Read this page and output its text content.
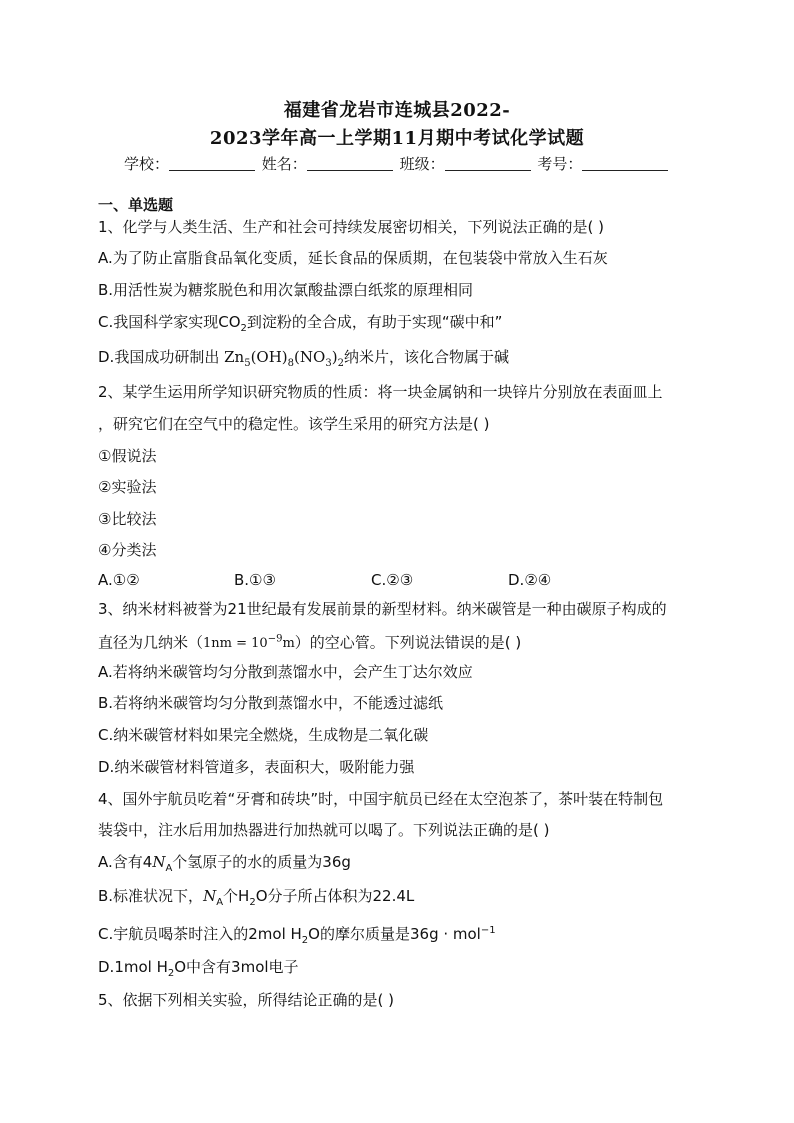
福建省龙岩市连城县2022-
2023学年高一上学期11月期中考试化学试题
学校：	姓名：	班级：	考号：
一、单选题
1、化学与人类生活、生产和社会可持续发展密切相关，下列说法正确的是( )
A.为了防止富脂食品氧化变质，延长食品的保质期，在包装袋中常放入生石灰
B.用活性炭为糖浆脱色和用次氯酸盐漂白纸浆的原理相同
C.我国科学家实现$CO_2$到淀粉的全合成，有助于实现“碳中和”
D.我国成功研制出 $Zn_5(OH)_8(NO_3)_2$纳米片，该化合物属于碱
2、某学生运用所学知识研究物质的性质：将一块金属钠和一块锌片分别放在表面皿上
，研究它们在空气中的稳定性。该学生采用的研究方法是( )
①假说法
②实验法
③比较法
④分类法
A.①②	B.①③	C.②③	D.②④
3、纳米材料被誉为21世纪最有发展前景的新型材料。纳米碳管是一种由碳原子构成的
直径为几纳米$(1nm = 10^{-9}m)$的空心管。下列说法错误的是( )
A.若将纳米碳管均匀分散到蒸馏水中，会产生丁达尔效应
B.若将纳米碳管均匀分散到蒸馏水中，不能透过滤纸
C.纳米碳管材料如果完全燃烧，生成物是二氧化碳
D.纳米碳管材料管道多，表面积大，吸附能力强
4、国外宇航员吃着“牙膏和砖块”时，中国宇航员已经在太空泡茶了，茶叶装在特制包
装袋中，注水后用加热器进行加热就可以喝了。下列说法正确的是( )
A.含有$4N_A$个氢原子的水的质量为36g
B.标准状况下，$N_A$个$H_2O$分子所占体积为22.4L
C.宇航员喝茶时注入的2mol $H_2O$的摩尔质量是36g · mol$^{-1}$
D.1mol $H_2O$中含有3mol电子
5、依据下列相关实验，所得结论正确的是( )
